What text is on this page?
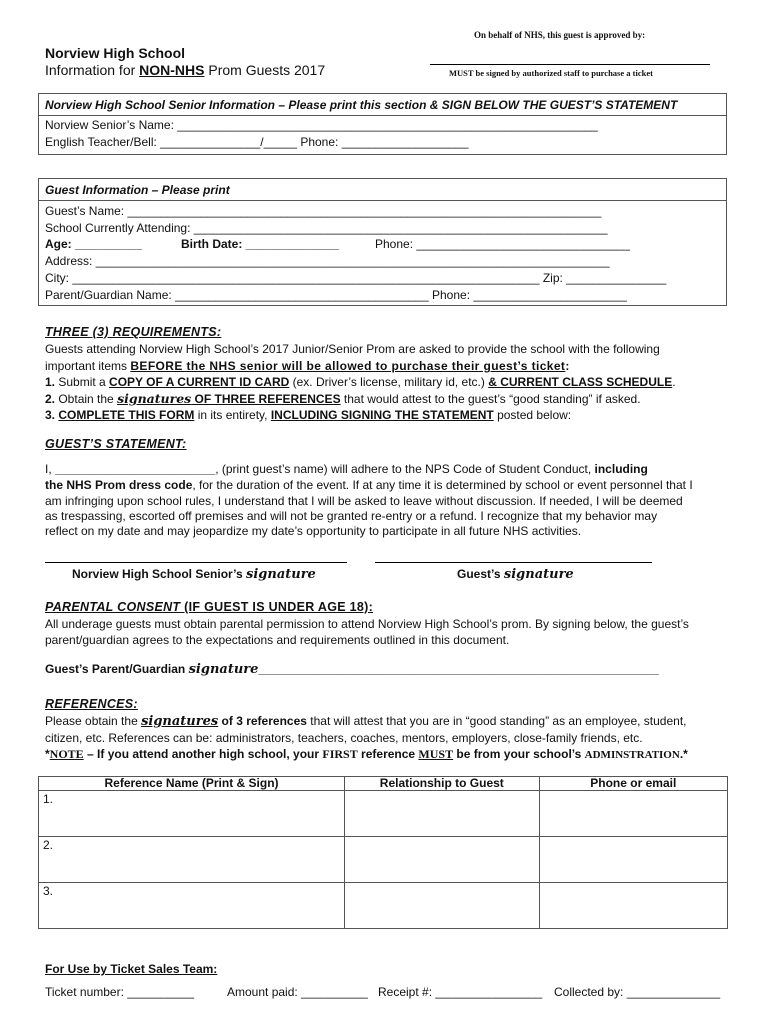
On behalf of NHS, this guest is approved by:
MUST be signed by authorized staff to purchase a ticket
Norview High School
Information for NON-NHS Prom Guests 2017
Norview High School Senior Information – Please print this section & SIGN BELOW THE GUEST’S STATEMENT
Norview Senior’s Name: _______________________________________________________________
English Teacher/Bell: _______________/_____ Phone: ___________________
Guest Information – Please print
Guest’s Name: _______________________________________________________________________
School Currently Attending: ______________________________________________________________
Age: __________	Birth Date: ______________	Phone: ________________________________
Address: _____________________________________________________________________________
City: ______________________________________________________________________ Zip: _______________
Parent/Guardian Name: ______________________________________ Phone: _______________________
THREE (3) REQUIREMENTS:
Guests attending Norview High School’s 2017 Junior/Senior Prom are asked to provide the school with the following
important items BEFORE the NHS senior will be allowed to purchase their guest’s ticket:
1. Submit a COPY OF A CURRENT ID CARD (ex. Driver’s license, military id, etc.) & CURRENT CLASS SCHEDULE.
2. Obtain the signatures OF THREE REFERENCES that would attest to the guest’s “good standing” if asked.
3. COMPLETE THIS FORM in its entirety, INCLUDING SIGNING THE STATEMENT posted below:
GUEST’S STATEMENT:
I, ________________________, (print guest’s name) will adhere to the NPS Code of Student Conduct, including
the NHS Prom dress code, for the duration of the event. If at any time it is determined by school or event personnel that I
am infringing upon school rules, I understand that I will be asked to leave without discussion. If needed, I will be deemed
as trespassing, escorted off premises and will not be granted re-entry or a refund. I recognize that my behavior may
reflect on my date and may jeopardize my date’s opportunity to participate in all future NHS activities.
Norview High School Senior’s signature	Guest’s signature
PARENTAL CONSENT (IF GUEST IS UNDER AGE 18):
All underage guests must obtain parental permission to attend Norview High School’s prom. By signing below, the guest’s
parent/guardian agrees to the expectations and requirements outlined in this document.
Guest’s Parent/Guardian signature____________________________________________________________
REFERENCES:
Please obtain the signatures of 3 references that will attest that you are in “good standing” as an employee, student,
citizen, etc. References can be: administrators, teachers, coaches, mentors, employers, close-family friends, etc.
*NOTE – If you attend another high school, your FIRST reference MUST be from your school’s ADMINSTRATION.*
Reference Name (Print & Sign)	Relationship to Guest	Phone or email
1.		
2.		
3.		
For Use by Ticket Sales Team:
Ticket number: __________	Amount paid: __________ Receipt #: ________________ Collected by: ______________
